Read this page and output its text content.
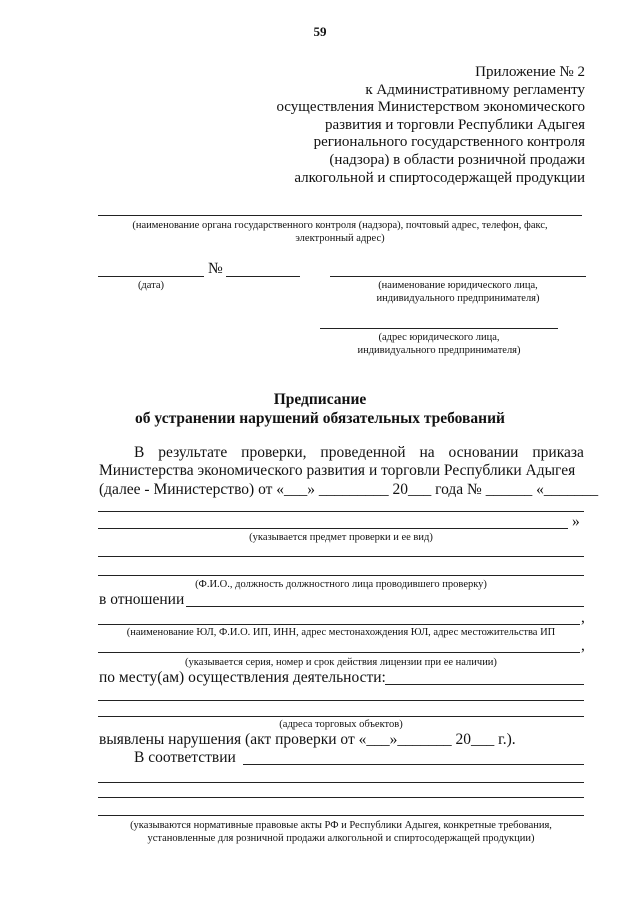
59
Приложение № 2
к Административному регламенту
осуществления Министерством экономического
развития и торговли Республики Адыгея
регионального государственного контроля
(надзора) в области розничной продажи
алкогольной и спиртосодержащей продукции
(наименование органа государственного контроля (надзора), почтовый адрес, телефон, факс,
электронный адрес)
№
(дата)	(наименование юридического лица,
индивидуального предпринимателя)
(адрес юридического лица,
индивидуального предпринимателя)
Предписание
об устранении нарушений обязательных требований
В результате проверки, проведенной на основании приказа
Министерства экономического развития и торговли Республики Адыгея
(далее - Министерство) от «___» _________ 20___ года № ______ «_______
»
(указывается предмет проверки и ее вид)
(Ф.И.О., должность должностного лица проводившего проверку)
в отношении
,
(наименование ЮЛ, Ф.И.О. ИП, ИНН, адрес местонахождения ЮЛ, адрес местожительства ИП
,
(указывается серия, номер и срок действия лицензии при ее наличии)
по месту(ам) осуществления деятельности:
(адреса торговых объектов)
выявлены нарушения (акт проверки от «___»_______ 20___ г.).
В соответствии
(указываются нормативные правовые акты РФ и Республики Адыгея, конкретные требования,
установленные для розничной продажи алкогольной и спиртосодержащей продукции)
